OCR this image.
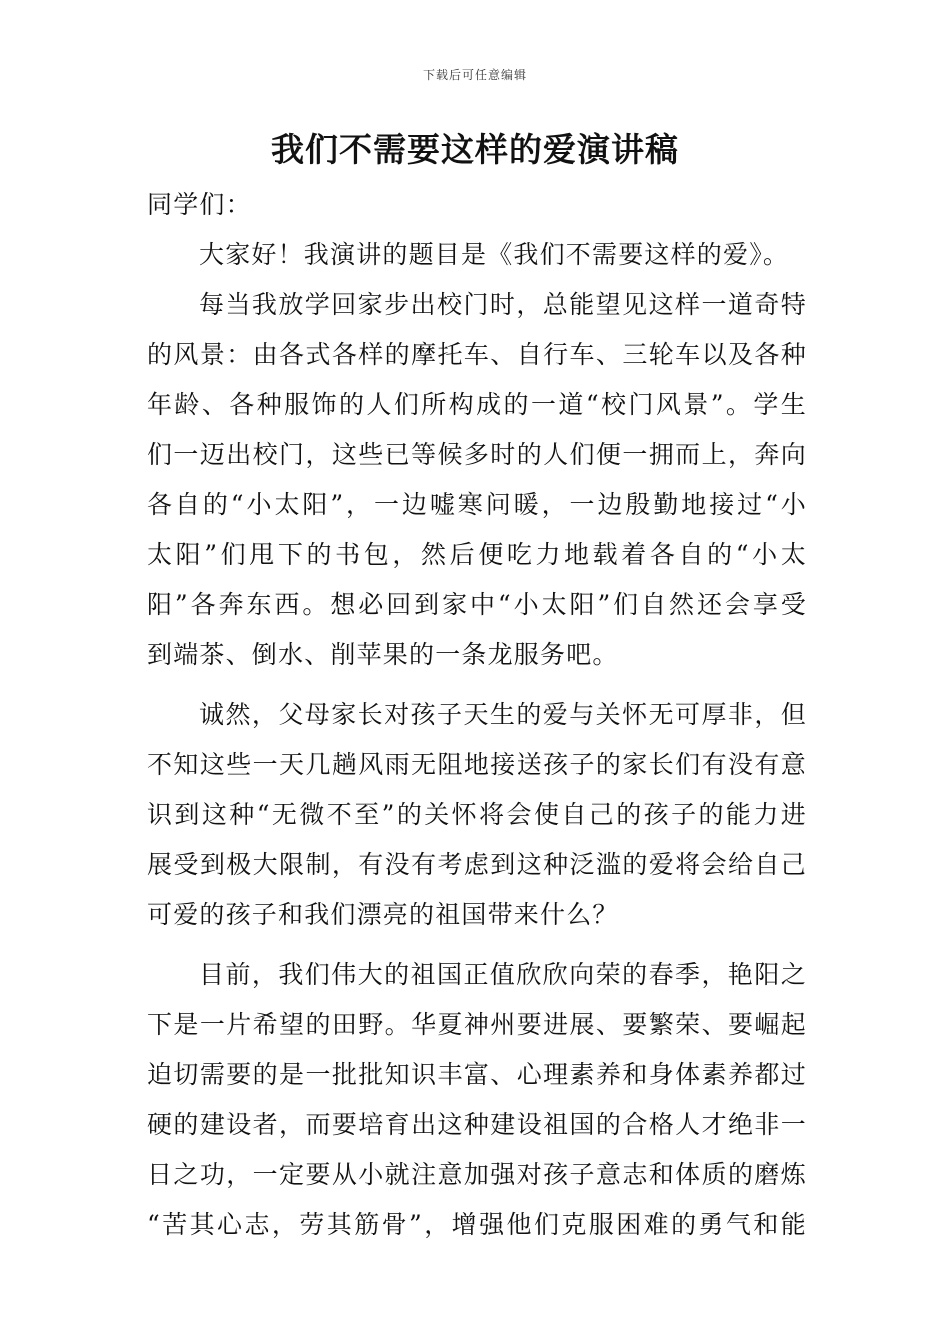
下载后可任意编辑
我们不需要这样的爱演讲稿
同学们：
大家好！我演讲的题目是《我们不需要这样的爱》。
每当我放学回家步出校门时，总能望见这样一道奇特
的风景：由各式各样的摩托车、自行车、三轮车以及各种
年龄、各种服饰的人们所构成的一道“校门风景”。学生
们一迈出校门，这些已等候多时的人们便一拥而上，奔向
各自的“小太阳”，一边嘘寒问暖，一边殷勤地接过“小
太阳”们甩下的书包，然后便吃力地载着各自的“小太
阳”各奔东西。想必回到家中“小太阳”们自然还会享受
到端茶、倒水、削苹果的一条龙服务吧。
诚然，父母家长对孩子天生的爱与关怀无可厚非，但
不知这些一天几趟风雨无阻地接送孩子的家长们有没有意
识到这种“无微不至”的关怀将会使自己的孩子的能力进
展受到极大限制，有没有考虑到这种泛滥的爱将会给自己
可爱的孩子和我们漂亮的祖国带来什么？
目前，我们伟大的祖国正值欣欣向荣的春季，艳阳之
下是一片希望的田野。华夏神州要进展、要繁荣、要崛起
迫切需要的是一批批知识丰富、心理素养和身体素养都过
硬的建设者，而要培育出这种建设祖国的合格人才绝非一
日之功，一定要从小就注意加强对孩子意志和体质的磨炼
“苦其心志，劳其筋骨”，增强他们克服困难的勇气和能
